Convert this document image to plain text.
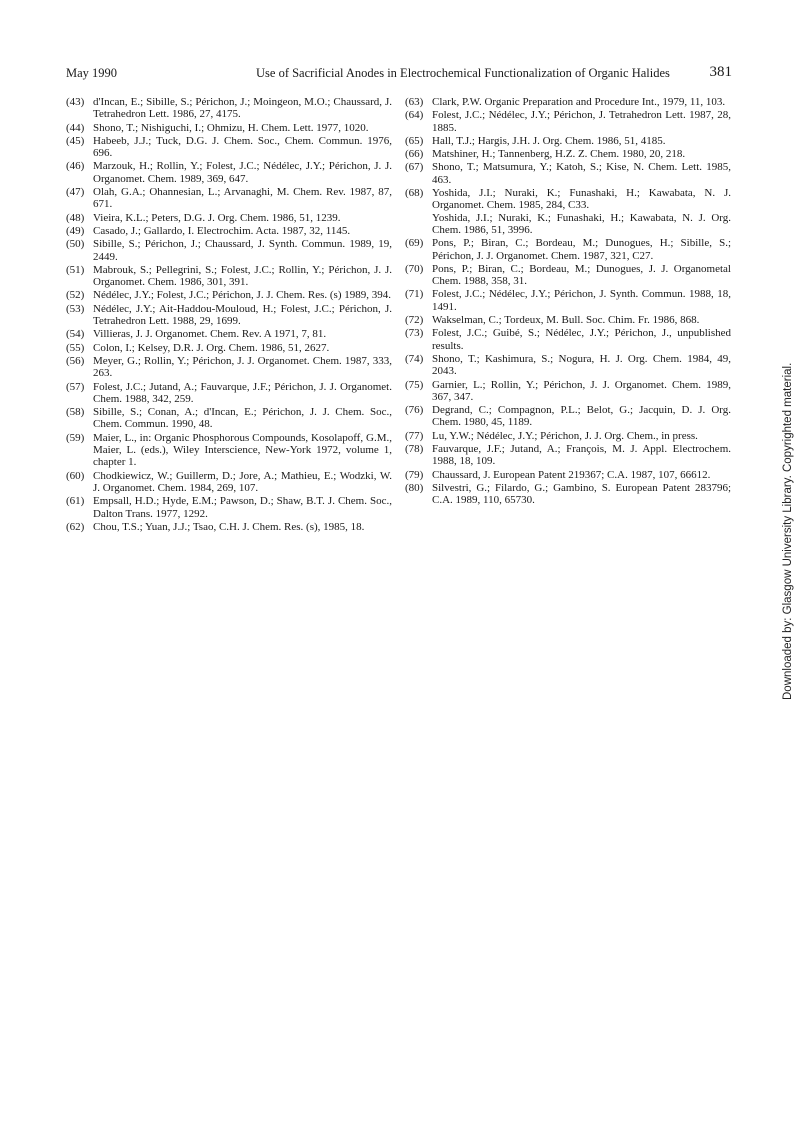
May 1990	Use of Sacrificial Anodes in Electrochemical Functionalization of Organic Halides	381
(43) d'Incan, E.; Sibille, S.; Périchon, J.; Moingeon, M.O.; Chaussard, J. Tetrahedron Lett. 1986, 27, 4175.
(44) Shono, T.; Nishiguchi, I.; Ohmizu, H. Chem. Lett. 1977, 1020.
(45) Habeeb, J.J.; Tuck, D.G. J. Chem. Soc., Chem. Commun. 1976, 696.
(46) Marzouk, H.; Rollin, Y.; Folest, J.C.; Nédélec, J.Y.; Périchon, J. J. Organomet. Chem. 1989, 369, 647.
(47) Olah, G.A.; Ohannesian, L.; Arvanaghi, M. Chem. Rev. 1987, 87, 671.
(48) Vieira, K.L.; Peters, D.G. J. Org. Chem. 1986, 51, 1239.
(49) Casado, J.; Gallardo, I. Electrochim. Acta. 1987, 32, 1145.
(50) Sibille, S.; Périchon, J.; Chaussard, J. Synth. Commun. 1989, 19, 2449.
(51) Mabrouk, S.; Pellegrini, S.; Folest, J.C.; Rollin, Y.; Périchon, J. J. Organomet. Chem. 1986, 301, 391.
(52) Nédélec, J.Y.; Folest, J.C.; Périchon, J. J. Chem. Res. (s) 1989, 394.
(53) Nédélec, J.Y.; Ait-Haddou-Mouloud, H.; Folest, J.C.; Périchon, J. Tetrahedron Lett. 1988, 29, 1699.
(54) Villieras, J. J. Organomet. Chem. Rev. A 1971, 7, 81.
(55) Colon, I.; Kelsey, D.R. J. Org. Chem. 1986, 51, 2627.
(56) Meyer, G.; Rollin, Y.; Périchon, J. J. Organomet. Chem. 1987, 333, 263.
(57) Folest, J.C.; Jutand, A.; Fauvarque, J.F.; Périchon, J. J. Organomet. Chem. 1988, 342, 259.
(58) Sibille, S.; Conan, A.; d'Incan, E.; Périchon, J. J. Chem. Soc., Chem. Commun. 1990, 48.
(59) Maier, L., in: Organic Phosphorous Compounds, Kosolapoff, G.M., Maier, L. (eds.), Wiley Interscience, New-York 1972, volume 1, chapter 1.
(60) Chodkiewicz, W.; Guillerm, D.; Jore, A.; Mathieu, E.; Wodzki, W. J. Organomet. Chem. 1984, 269, 107.
(61) Empsall, H.D.; Hyde, E.M.; Pawson, D.; Shaw, B.T. J. Chem. Soc., Dalton Trans. 1977, 1292.
(62) Chou, T.S.; Yuan, J.J.; Tsao, C.H. J. Chem. Res. (s), 1985, 18.
(63) Clark, P.W. Organic Preparation and Procedure Int., 1979, 11, 103.
(64) Folest, J.C.; Nédélec, J.Y.; Périchon, J. Tetrahedron Lett. 1987, 28, 1885.
(65) Hall, T.J.; Hargis, J.H. J. Org. Chem. 1986, 51, 4185.
(66) Matshiner, H.; Tannenberg, H.Z. Z. Chem. 1980, 20, 218.
(67) Shono, T.; Matsumura, Y.; Katoh, S.; Kise, N. Chem. Lett. 1985, 463.
(68) Yoshida, J.I.; Nuraki, K.; Funashaki, H.; Kawabata, N. J. Organomet. Chem. 1985, 284, C33.
Yoshida, J.I.; Nuraki, K.; Funashaki, H.; Kawabata, N. J. Org. Chem. 1986, 51, 3996.
(69) Pons, P.; Biran, C.; Bordeau, M.; Dunogues, H.; Sibille, S.; Périchon, J. J. Organomet. Chem. 1987, 321, C27.
(70) Pons, P.; Biran, C.; Bordeau, M.; Dunogues, J. J. Organometal Chem. 1988, 358, 31.
(71) Folest, J.C.; Nédélec, J.Y.; Périchon, J. Synth. Commun. 1988, 18, 1491.
(72) Wakselman, C.; Tordeux, M. Bull. Soc. Chim. Fr. 1986, 868.
(73) Folest, J.C.; Guibé, S.; Nédélec, J.Y.; Périchon, J., unpublished results.
(74) Shono, T.; Kashimura, S.; Nogura, H. J. Org. Chem. 1984, 49, 2043.
(75) Garnier, L.; Rollin, Y.; Périchon, J. J. Organomet. Chem. 1989, 367, 347.
(76) Degrand, C.; Compagnon, P.L.; Belot, G.; Jacquin, D. J. Org. Chem. 1980, 45, 1189.
(77) Lu, Y.W.; Nédélec, J.Y.; Périchon, J. J. Org. Chem., in press.
(78) Fauvarque, J.F.; Jutand, A.; François, M. J. Appl. Electrochem. 1988, 18, 109.
(79) Chaussard, J. European Patent 219367; C.A. 1987, 107, 66612.
(80) Silvestri, G.; Filardo, G.; Gambino, S. European Patent 283796; C.A. 1989, 110, 65730.	Downloaded by: Glasgow University Library. Copyrighted material.
